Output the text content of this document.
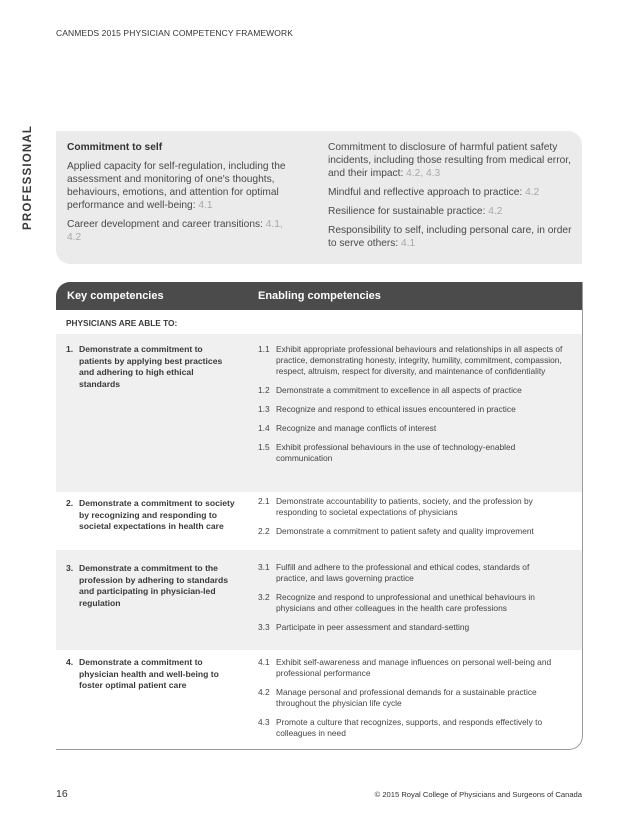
CANMEDS 2015 PHYSICIAN COMPETENCY FRAMEWORK
PROFESSIONAL	Commitment to self

Applied capacity for self-regulation, including the assessment and monitoring of one's thoughts, behaviours, emotions, and attention for optimal performance and well-being: 4.1

Career development and career transitions: 4.1, 4.2

Commitment to disclosure of harmful patient safety incidents, including those resulting from medical error, and their impact: 4.2, 4.3

Mindful and reflective approach to practice: 4.2

Resilience for sustainable practice: 4.2

Responsibility to self, including personal care, in order to serve others: 4.1

Key competencies	Enabling competencies
PHYSICIANS ARE ABLE TO:
1. Demonstrate a commitment to patients by applying best practices and adhering to high ethical standards
1.1 Exhibit appropriate professional behaviours and relationships in all aspects of practice, demonstrating honesty, integrity, humility, commitment, compassion, respect, altruism, respect for diversity, and maintenance of confidentiality
1.2 Demonstrate a commitment to excellence in all aspects of practice
1.3 Recognize and respond to ethical issues encountered in practice
1.4 Recognize and manage conflicts of interest
1.5 Exhibit professional behaviours in the use of technology-enabled communication
2. Demonstrate a commitment to society by recognizing and responding to societal expectations in health care
2.1 Demonstrate accountability to patients, society, and the profession by responding to societal expectations of physicians
2.2 Demonstrate a commitment to patient safety and quality improvement
3. Demonstrate a commitment to the profession by adhering to standards and participating in physician-led regulation
3.1 Fulfill and adhere to the professional and ethical codes, standards of practice, and laws governing practice
3.2 Recognize and respond to unprofessional and unethical behaviours in physicians and other colleagues in the health care professions
3.3 Participate in peer assessment and standard-setting
4. Demonstrate a commitment to physician health and well-being to foster optimal patient care
4.1 Exhibit self-awareness and manage influences on personal well-being and professional performance
4.2 Manage personal and professional demands for a sustainable practice throughout the physician life cycle
4.3 Promote a culture that recognizes, supports, and responds effectively to colleagues in need
16	© 2015 Royal College of Physicians and Surgeons of Canada
